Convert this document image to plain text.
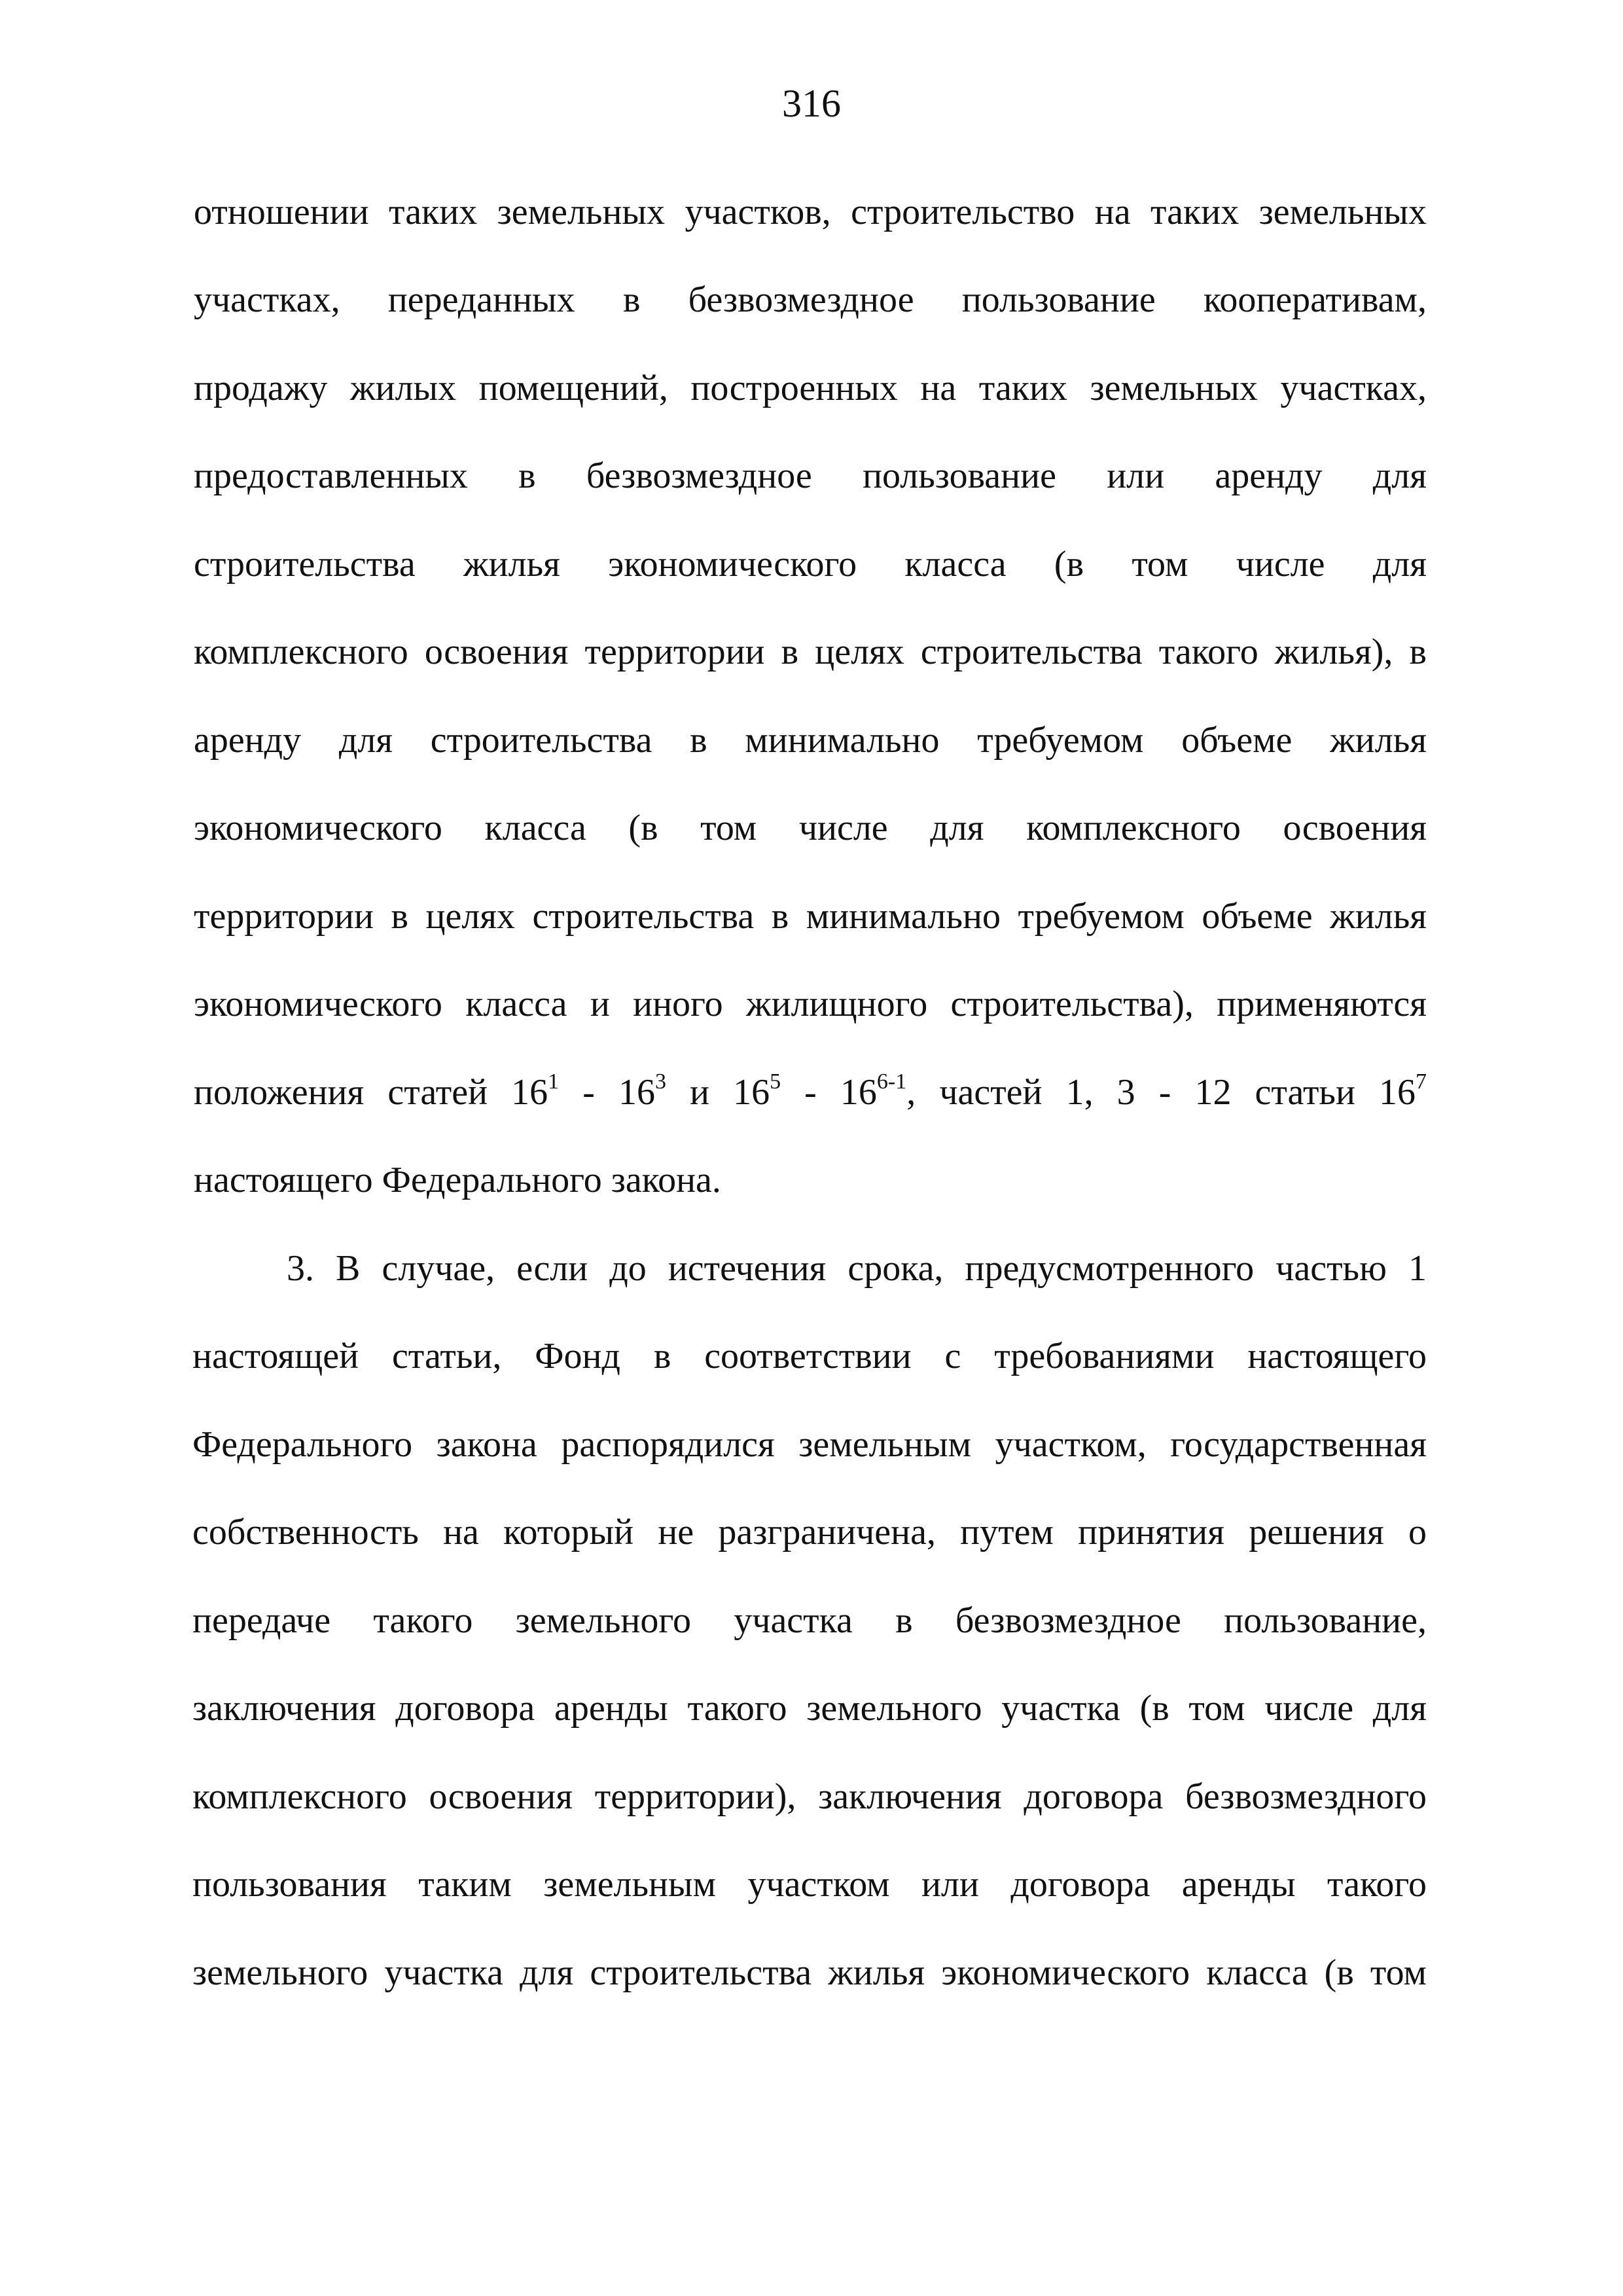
316
отношении таких земельных участков, строительство на таких земельных
участках, переданных в безвозмездное пользование кооперативам,
продажу жилых помещений, построенных на таких земельных участках,
предоставленных в безвозмездное пользование или аренду для
строительства жилья экономического класса (в том числе для
комплексного освоения территории в целях строительства такого жилья), в
аренду для строительства в минимально требуемом объеме жилья
экономического класса (в том числе для комплексного освоения
территории в целях строительства в минимально требуемом объеме жилья
экономического класса и иного жилищного строительства), применяются
положения статей $16^1 - 16^3$ и $16^5 - 16^{6-1}$, частей 1, 3 - 12 статьи $16^7$
настоящего Федерального закона.
3. В случае, если до истечения срока, предусмотренного частью 1
настоящей статьи, Фонд в соответствии с требованиями настоящего
Федерального закона распорядился земельным участком, государственная
собственность на который не разграничена, путем принятия решения о
передаче такого земельного участка в безвозмездное пользование,
заключения договора аренды такого земельного участка (в том числе для
комплексного освоения территории), заключения договора безвозмездного
пользования таким земельным участком или договора аренды такого
земельного участка для строительства жилья экономического класса (в том
